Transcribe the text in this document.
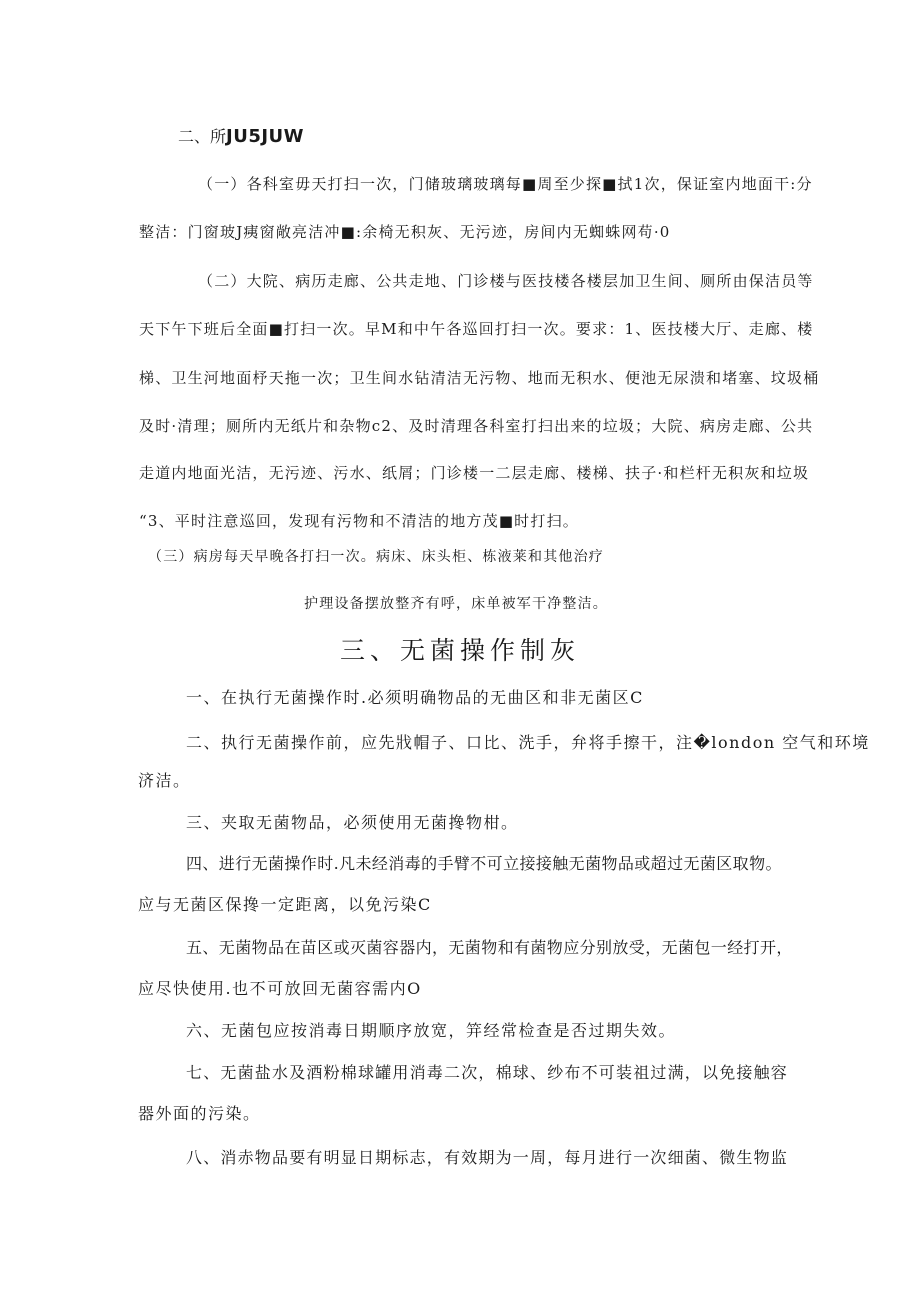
二、所JU5JUW
（一）各科室毋天打扫一次，门储玻璃玻璃每■周至少探■拭1次，保证室内地面干:分
整洁：门窗玻J痍窗敞亮洁冲■:余椅无积灰、无污迹，房间内无蜘蛛网苟·0
（二）大院、病历走廊、公共走地、门诊楼与医技楼各楼层加卫生间、厕所由保洁员等
天下午下班后全面■打扫一次。早M和中午各巡回打扫一次。要求：1、医技楼大厅、走廊、楼
梯、卫生河地面杼天拖一次；卫生间水钻清洁无污物、地而无积水、便池无尿溃和堵塞、坟圾桶
及时·清理；厕所内无纸片和杂物c2、及时清理各科室打扫出来的垃圾；大院、病房走廊、公共
走道内地面光洁，无污迹、污水、纸屑；门诊楼一二层走廊、楼梯、扶子·和栏杆无积灰和垃圾
“3、平时注意巡回，发现有污物和不清洁的地方茂■时打扫。
（三）病房每天早晚各打扫一次。病床、床头柜、栋液莱和其他治疗
护理设备摆放整齐有呼，床单被军干净整洁。
三、无菌操作制灰
一、在执行无菌操作时.必须明确物品的无曲区和非无菌区C
二、执行无菌操作前，应先戕帽子、口比、洗手，弁将手擦干，注�london 空气和环境
济洁。
三、夹取无菌物品，必须使用无菌搀物柑。
四、进行无菌操作时.凡未经消毒的手臂不可立接接触无菌物品或超过无菌区取物。
应与无菌区保搀一定距离，以免污染C
五、无菌物品在苗区或灭菌容器内，无菌物和有菌物应分别放受，无菌包一经打开，
应尽快使用.也不可放回无菌容需内O
六、无菌包应按消毒日期顺序放宽，笄经常检查是否过期失效。
七、无菌盐水及酒粉棉球罐用消毒二次，棉球、纱布不可装祖过满，以免接触容
器外面的污染。
八、消赤物品要有明显日期标志，有效期为一周，每月进行一次细菌、微生物监
